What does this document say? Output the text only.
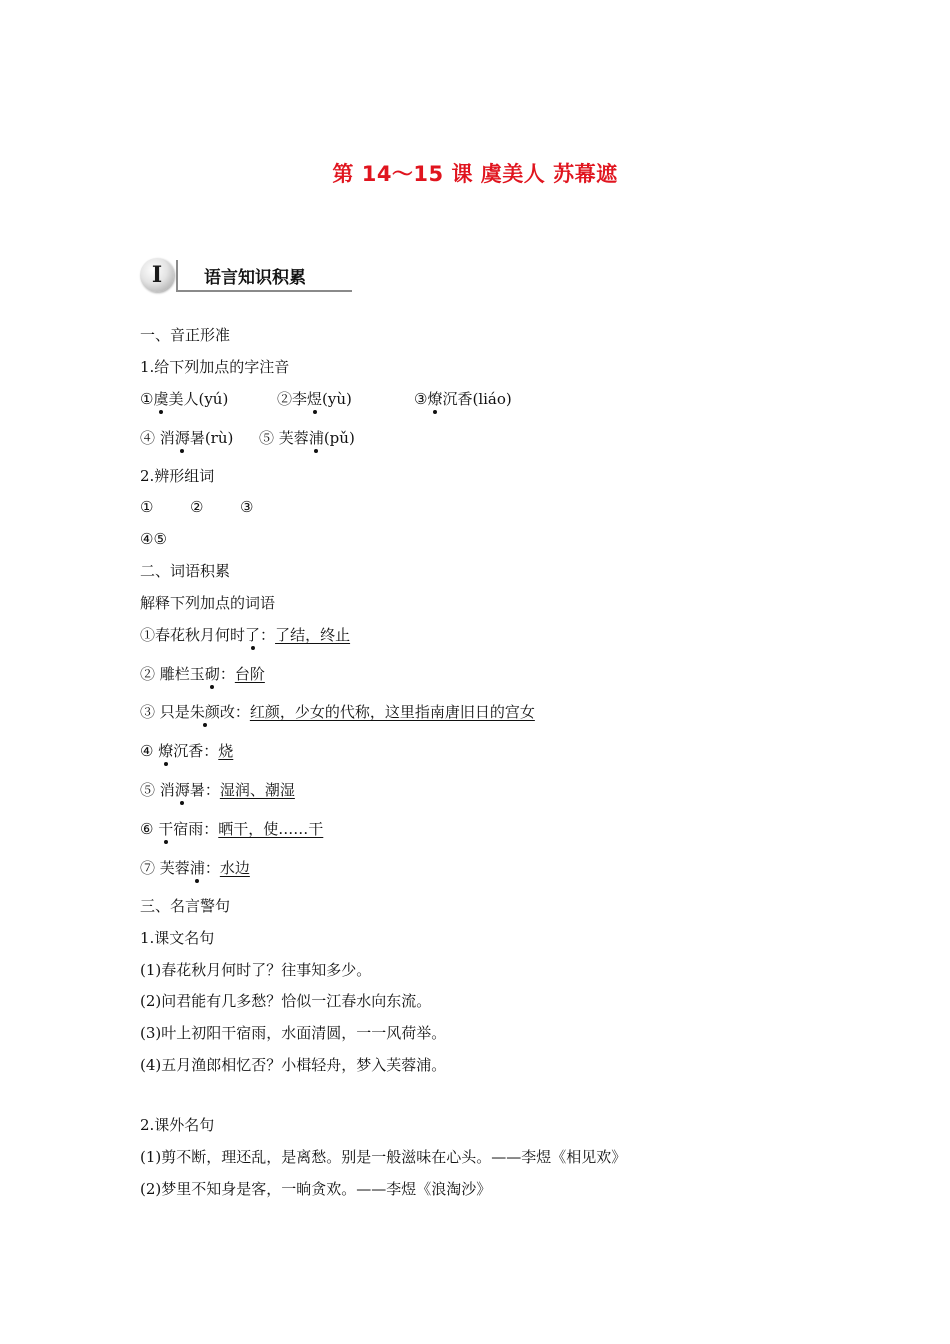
第 14～15 课 虞美人 苏幕遮
I	语言知识积累
一、音正形准
1.给下列加点的字注音
①虞美人(yú)	②李煜(yù)	③燎沉香(liáo)
④ 消溽暑(rù) ⑤ 芙蓉浦(pǔ)
2.辨形组词
① ② ③
④⑤
二、词语积累
解释下列加点的词语
①春花秋月何时了：了结，终止
② 雕栏玉砌：台阶
③ 只是朱颜改：红颜，少女的代称，这里指南唐旧日的宫女
④ 燎沉香：烧
⑤ 消溽暑：湿润、潮湿
⑥ 干宿雨：晒干，使……干
⑦ 芙蓉浦：水边
三、名言警句
1.课文名句
(1)春花秋月何时了？往事知多少。
(2)问君能有几多愁？恰似一江春水向东流。
(3)叶上初阳干宿雨，水面清圆，一一风荷举。
(4)五月渔郎相忆否？小楫轻舟，梦入芙蓉浦。
2.课外名句
(1)剪不断，理还乱，是离愁。别是一般滋味在心头。——李煜《相见欢》
(2)梦里不知身是客，一晌贪欢。——李煜《浪淘沙》
